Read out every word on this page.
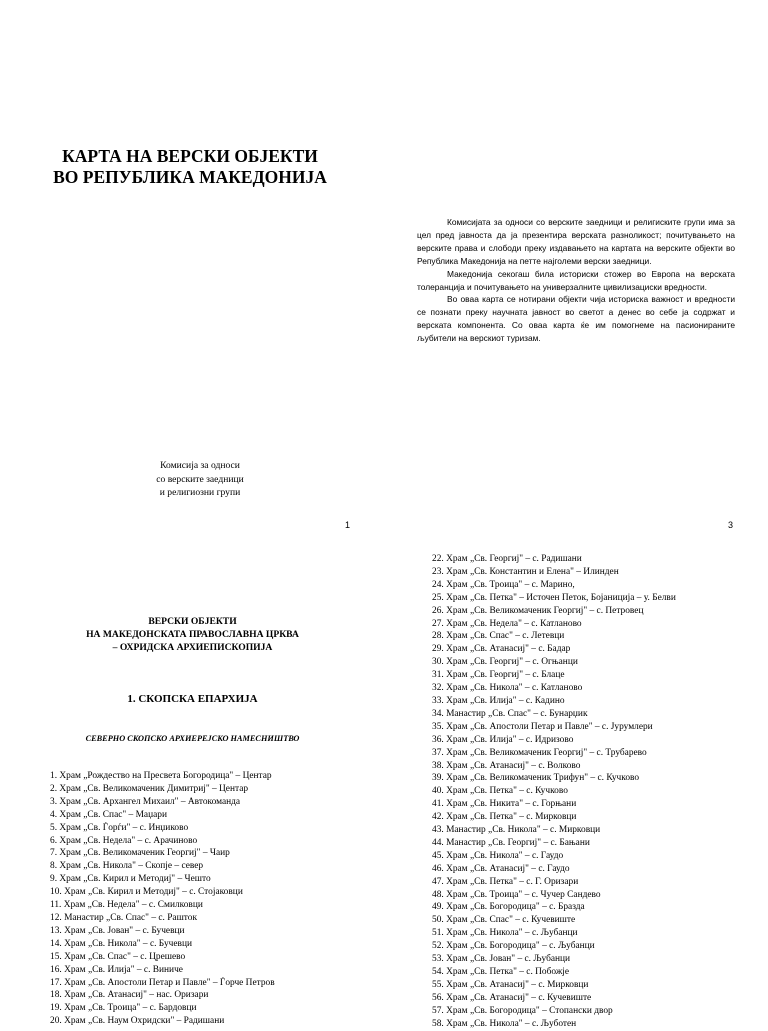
КАРТА НА ВЕРСКИ ОБЈЕКТИ
ВО РЕПУБЛИКА МАКЕДОНИЈА

Комисијата за односи со верските заедници и религиските групи има за цел пред јавноста да ја презентира верската разноликост; почитувањето на верските права и слободи преку издавањето на картата на верските објекти во Република Македонија на петте најголеми верски заедници.

Македонија секогаш била историски стожер во Европа на верската толеранција и почитувањето на универзалните цивилизациски вредности.

Во оваа карта се нотирани објекти чија историска важност и вредности се познати преку научната јавност во светот а денес во себе ја содржат и верската компонента. Со оваа карта ќе им помогнеме на пасионираните љубители на верскиот туризам.

Комисија за односи
со верските заедници
и религиозни групи
1	3
ВЕРСКИ ОБЈЕКТИ
НА МАКЕДОНСКАТА ПРАВОСЛАВНА ЦРКВА
– ОХРИДСКА АРХИЕПИСКОПИЈА
1. СКОПСКА ЕПАРХИЈА
СЕВЕРНО СКОПСКО АРХИЕРЕЈСКО НАМЕСНИШТВО
1. Храм „Рождество на Пресвета Богородица" – Центар
2. Храм „Св. Великомаченик Димитриј" – Центар
3. Храм „Св. Архангел Михаил" – Автокоманда
4. Храм „Св. Спас" – Маџари
5. Храм „Св. Ѓорѓи" – с. Инџиково
6. Храм „Св. Недела" – с. Арачиново
7. Храм „Св. Великомаченик Георгиј" – Чаир
8. Храм „Св. Никола" – Скопје – север
9. Храм „Св. Кирил и Методиј" – Чешто
10. Храм „Св. Кирил и Методиј" – с. Стојаковци
11. Храм „Св. Недела" – с. Смилковци
12. Манастир „Св. Спас" – с. Рашток
13. Храм „Св. Јован" – с. Бучевци
14. Храм „Св. Никола" – с. Бучевци
15. Храм „Св. Спас" – с. Црешево
16. Храм „Св. Илија" – с. Виниче
17. Храм „Св. Апостоли Петар и Павле" – Ѓорче Петров
18. Храм „Св. Атанасиј" – нас. Оризари
19. Храм „Св. Троица" – с. Бардовци
20. Храм „Св. Наум Охридски" – Радишани
22. Храм „Св. Георгиј" – с. Радишани
23. Храм „Св. Константин и Елена" – Илинден
24. Храм „Св. Троица" – с. Марино,
25. Храм „Св. Петка" – Источен Петок, Бојаниција – у. Белви
26. Храм „Св. Великомаченик Георгиј" – с. Петровец
27. Храм „Св. Недела" – с. Катланово
28. Храм „Св. Спас" – с. Летевци
29. Храм „Св. Атанасиј" – с. Бадар
30. Храм „Св. Георгиј" – с. Огњанци
31. Храм „Св. Георгиј" – с. Блаце
32. Храм „Св. Никола" – с. Катланово
33. Храм „Св. Илија" – с. Кадино
34. Манастир „Св. Спас" – с. Бунарџик
35. Храм „Св. Апостоли Петар и Павле" – с. Јурумлери
36. Храм „Св. Илија" – с. Идризово
37. Храм „Св. Великомаченик Георгиј" – с. Трубарево
38. Храм „Св. Атанасиј" – с. Волково
39. Храм „Св. Великомаченик Трифун" – с. Кучково
40. Храм „Св. Петка" – с. Кучково
41. Храм „Св. Никита" – с. Горњани
42. Храм „Св. Петка" – с. Мирковци
43. Манастир „Св. Никола" – с. Мирковци
44. Манастир „Св. Георгиј" – с. Бањани
45. Храм „Св. Никола" – с. Гаудо
46. Храм „Св. Атанасиј" – с. Гаудо
47. Храм „Св. Петка" – с. Г. Оризари
48. Храм „Св. Троица" – с. Чучер Сандево
49. Храм „Св. Богородица" – с. Бразда
50. Храм „Св. Спас" – с. Кучевиште
51. Храм „Св. Никола" – с. Љубанци
52. Храм „Св. Богородица" – с. Љубанци
53. Храм „Св. Јован" – с. Љубанци
54. Храм „Св. Петка" – с. Побожје
55. Храм „Св. Атанасиј" – с. Мирковци
56. Храм „Св. Атанасиј" – с. Кучевиште
57. Храм „Св. Богородица" – Стопански двор
58. Храм „Св. Никола" – с. Љуботен
